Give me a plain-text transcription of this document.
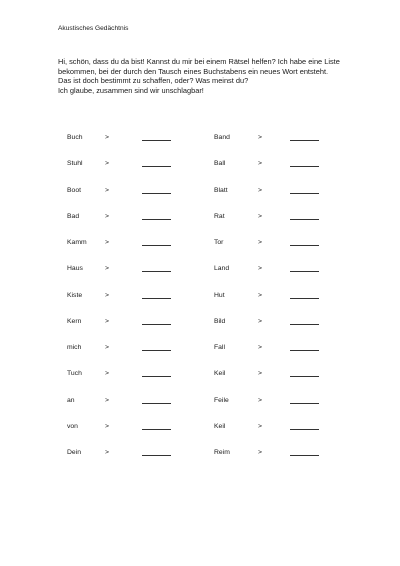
Akustisches Gedächtnis

Hi, schön, dass du da bist! Kannst du mir bei einem Rätsel helfen? Ich habe eine Liste

bekommen, bei der durch den Tausch eines Buchstabens ein neues Wort entsteht.

Das ist doch bestimmt zu schaffen, oder? Was meinst du?

Ich glaube, zusammen sind wir unschlagbar!

Buch	>	Band	>
Stuhl	>	Ball	>
Boot	>	Blatt	>
Bad	>	Rat	>
Kamm	>	Tor	>
Haus	>	Land	>
Kiste	>	Hut	>
Kern	>	Bild	>
mich	>	Fall	>
Tuch	>	Keil	>
an	>	Feile	>
von	>	Keil	>
Dein	>	Reim	>
